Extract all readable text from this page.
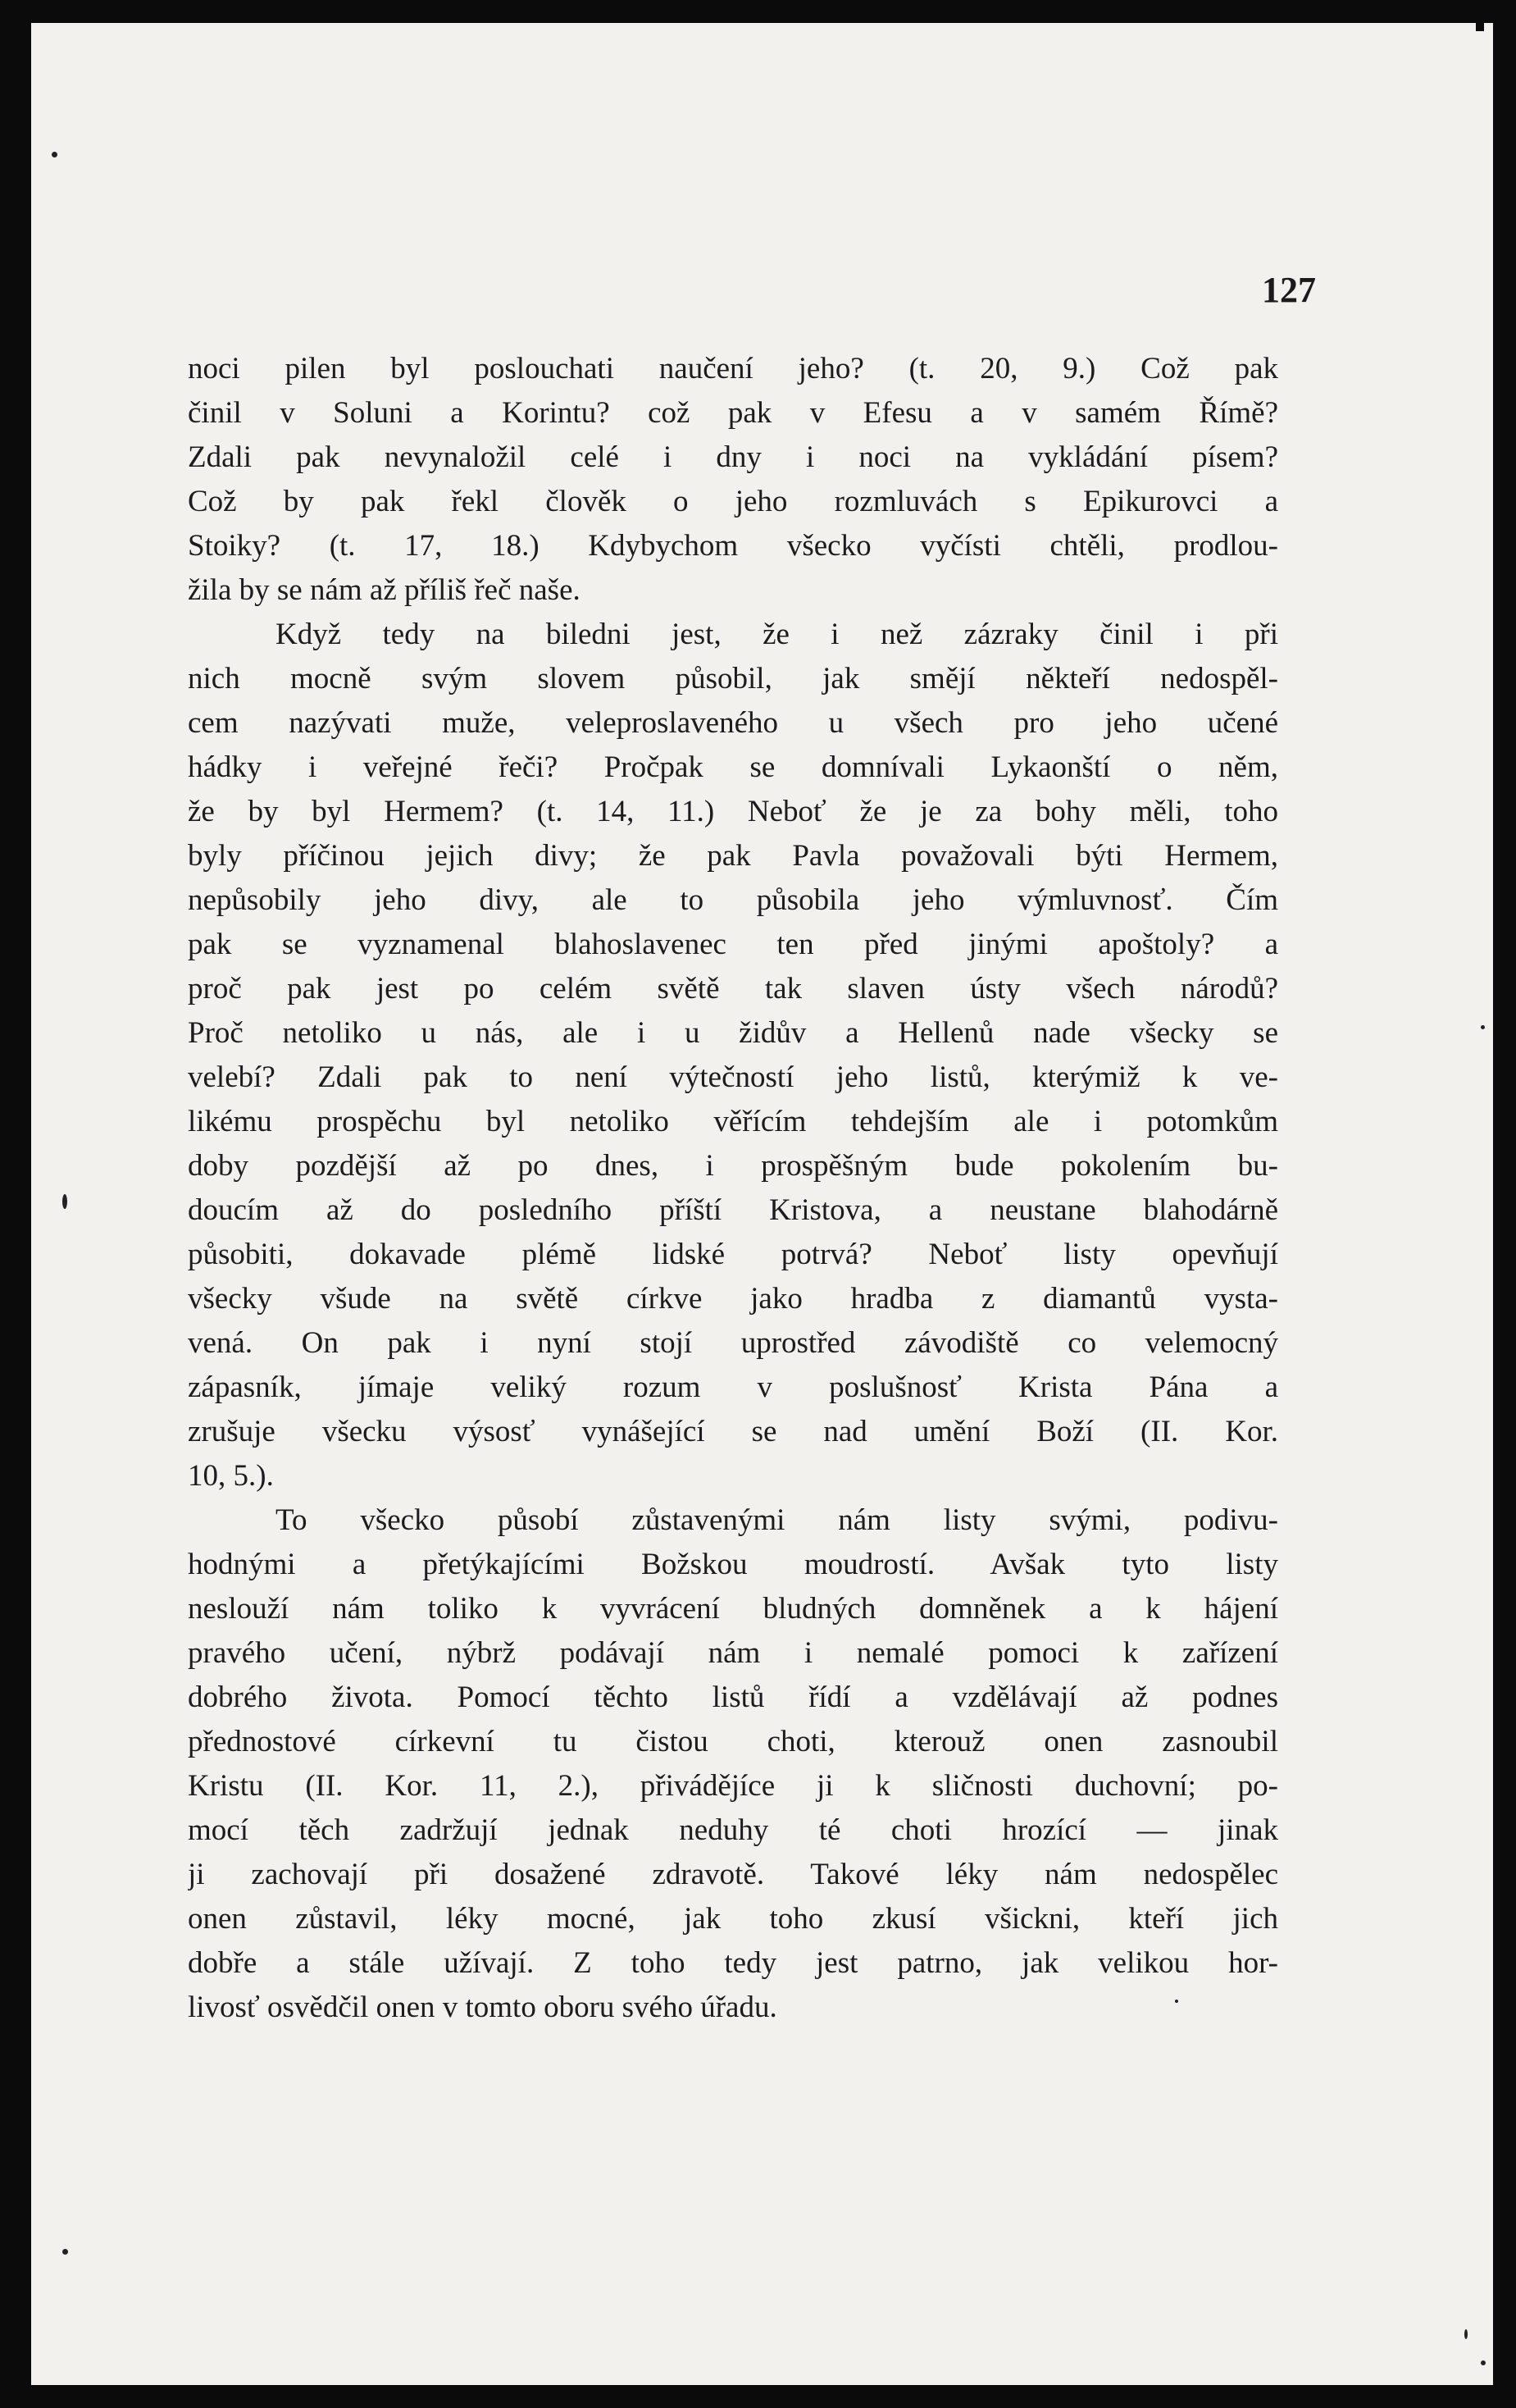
127

noci pilen byl poslouchati naučení jeho? (t. 20, 9.) Což pak
činil v Soluni a Korintu? což pak v Efesu a v samém Římě?
Zdali pak nevynaložil celé i dny i noci na vykládání písem?
Což by pak řekl člověk o jeho rozmluvách s Epikurovci a
Stoiky? (t. 17, 18.) Kdybychom všecko vyčísti chtěli, prodlou-
žila by se nám až příliš řeč naše.
Když tedy na biledni jest, že i než zázraky činil i při
nich mocně svým slovem působil, jak smějí někteří nedospěl-
cem nazývati muže, veleproslaveného u všech pro jeho učené
hádky i veřejné řeči? Pročpak se domnívali Lykaonští o něm,
že by byl Hermem? (t. 14, 11.) Neboť že je za bohy měli, toho
byly příčinou jejich divy; že pak Pavla považovali býti Hermem,
nepůsobily jeho divy, ale to působila jeho výmluvnosť. Čím
pak se vyznamenal blahoslavenec ten před jinými apoštoly? a
proč pak jest po celém světě tak slaven ústy všech národů?
Proč netoliko u nás, ale i u židův a Hellenů nade všecky se
velebí? Zdali pak to není výtečností jeho listů, kterýmiž k ve-
likému prospěchu byl netoliko věřícím tehdejším ale i potomkům
doby pozdější až po dnes, i prospěšným bude pokolením bu-
doucím až do posledního příští Kristova, a neustane blahodárně
působiti, dokavade plémě lidské potrvá? Neboť listy opevňují
všecky všude na světě církve jako hradba z diamantů vysta-
vená. On pak i nyní stojí uprostřed závodiště co velemocný
zápasník, jímaje veliký rozum v poslušnosť Krista Pána a
zrušuje všecku výsosť vynášející se nad umění Boží (II. Kor.
10, 5.).
To všecko působí zůstavenými nám listy svými, podivu-
hodnými a přetýkajícími Božskou moudrostí. Avšak tyto listy
neslouží nám toliko k vyvrácení bludných domněnek a k hájení
pravého učení, nýbrž podávají nám i nemalé pomoci k zařízení
dobrého života. Pomocí těchto listů řídí a vzdělávají až podnes
přednostové církevní tu čistou choti, kterouž onen zasnoubil
Kristu (II. Kor. 11, 2.), přivádějíce ji k sličnosti duchovní; po-
mocí těch zadržují jednak neduhy té choti hrozící — jinak
ji zachovají při dosažené zdravotě. Takové léky nám nedospělec
onen zůstavil, léky mocné, jak toho zkusí všickni, kteří jich
dobře a stále užívají. Z toho tedy jest patrno, jak velikou hor-
livosť osvědčil onen v tomto oboru svého úřadu.
